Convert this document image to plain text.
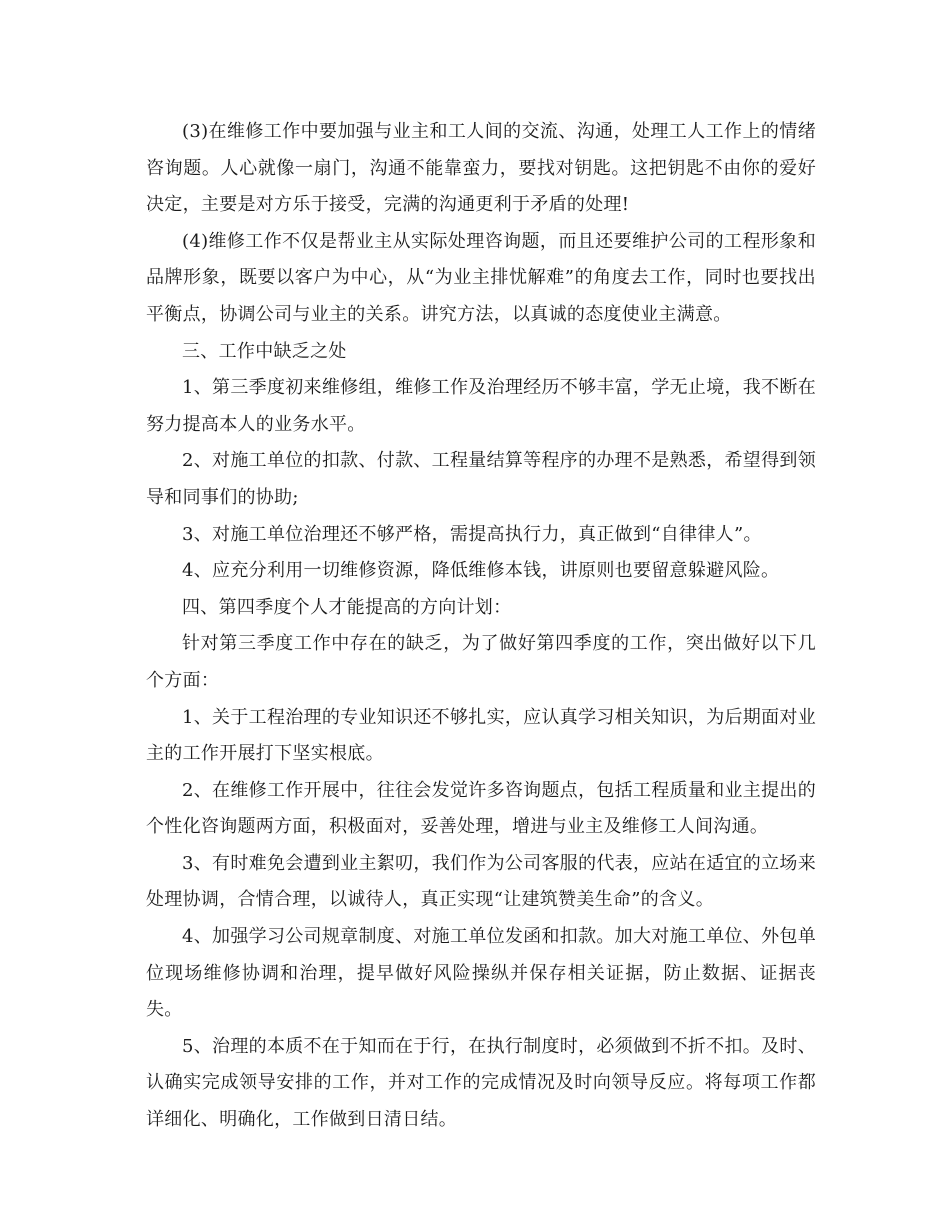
(3)在维修工作中要加强与业主和工人间的交流、沟通，处理工人工作上的情绪咨询题。人心就像一扇门，沟通不能靠蛮力，要找对钥匙。这把钥匙不由你的爱好决定，主要是对方乐于接受，完满的沟通更利于矛盾的处理!

(4)维修工作不仅是帮业主从实际处理咨询题，而且还要维护公司的工程形象和品牌形象，既要以客户为中心，从“为业主排忧解难”的角度去工作，同时也要找出平衡点，协调公司与业主的关系。讲究方法，以真诚的态度使业主满意。

三、工作中缺乏之处

1、第三季度初来维修组，维修工作及治理经历不够丰富，学无止境，我不断在努力提高本人的业务水平。

2、对施工单位的扣款、付款、工程量结算等程序的办理不是熟悉，希望得到领导和同事们的协助;

3、对施工单位治理还不够严格，需提高执行力，真正做到“自律律人”。

4、应充分利用一切维修资源，降低维修本钱，讲原则也要留意躲避风险。

四、第四季度个人才能提高的方向计划：

针对第三季度工作中存在的缺乏，为了做好第四季度的工作，突出做好以下几个方面：

1、关于工程治理的专业知识还不够扎实，应认真学习相关知识，为后期面对业主的工作开展打下坚实根底。

2、在维修工作开展中，往往会发觉许多咨询题点，包括工程质量和业主提出的个性化咨询题两方面，积极面对，妥善处理，增进与业主及维修工人间沟通。

3、有时难免会遭到业主絮叨，我们作为公司客服的代表，应站在适宜的立场来处理协调，合情合理，以诚待人，真正实现“让建筑赞美生命”的含义。

4、加强学习公司规章制度、对施工单位发函和扣款。加大对施工单位、外包单位现场维修协调和治理，提早做好风险操纵并保存相关证据，防止数据、证据丧失。

5、治理的本质不在于知而在于行，在执行制度时，必须做到不折不扣。及时、认确实完成领导安排的工作，并对工作的完成情况及时向领导反应。将每项工作都详细化、明确化，工作做到日清日结。
